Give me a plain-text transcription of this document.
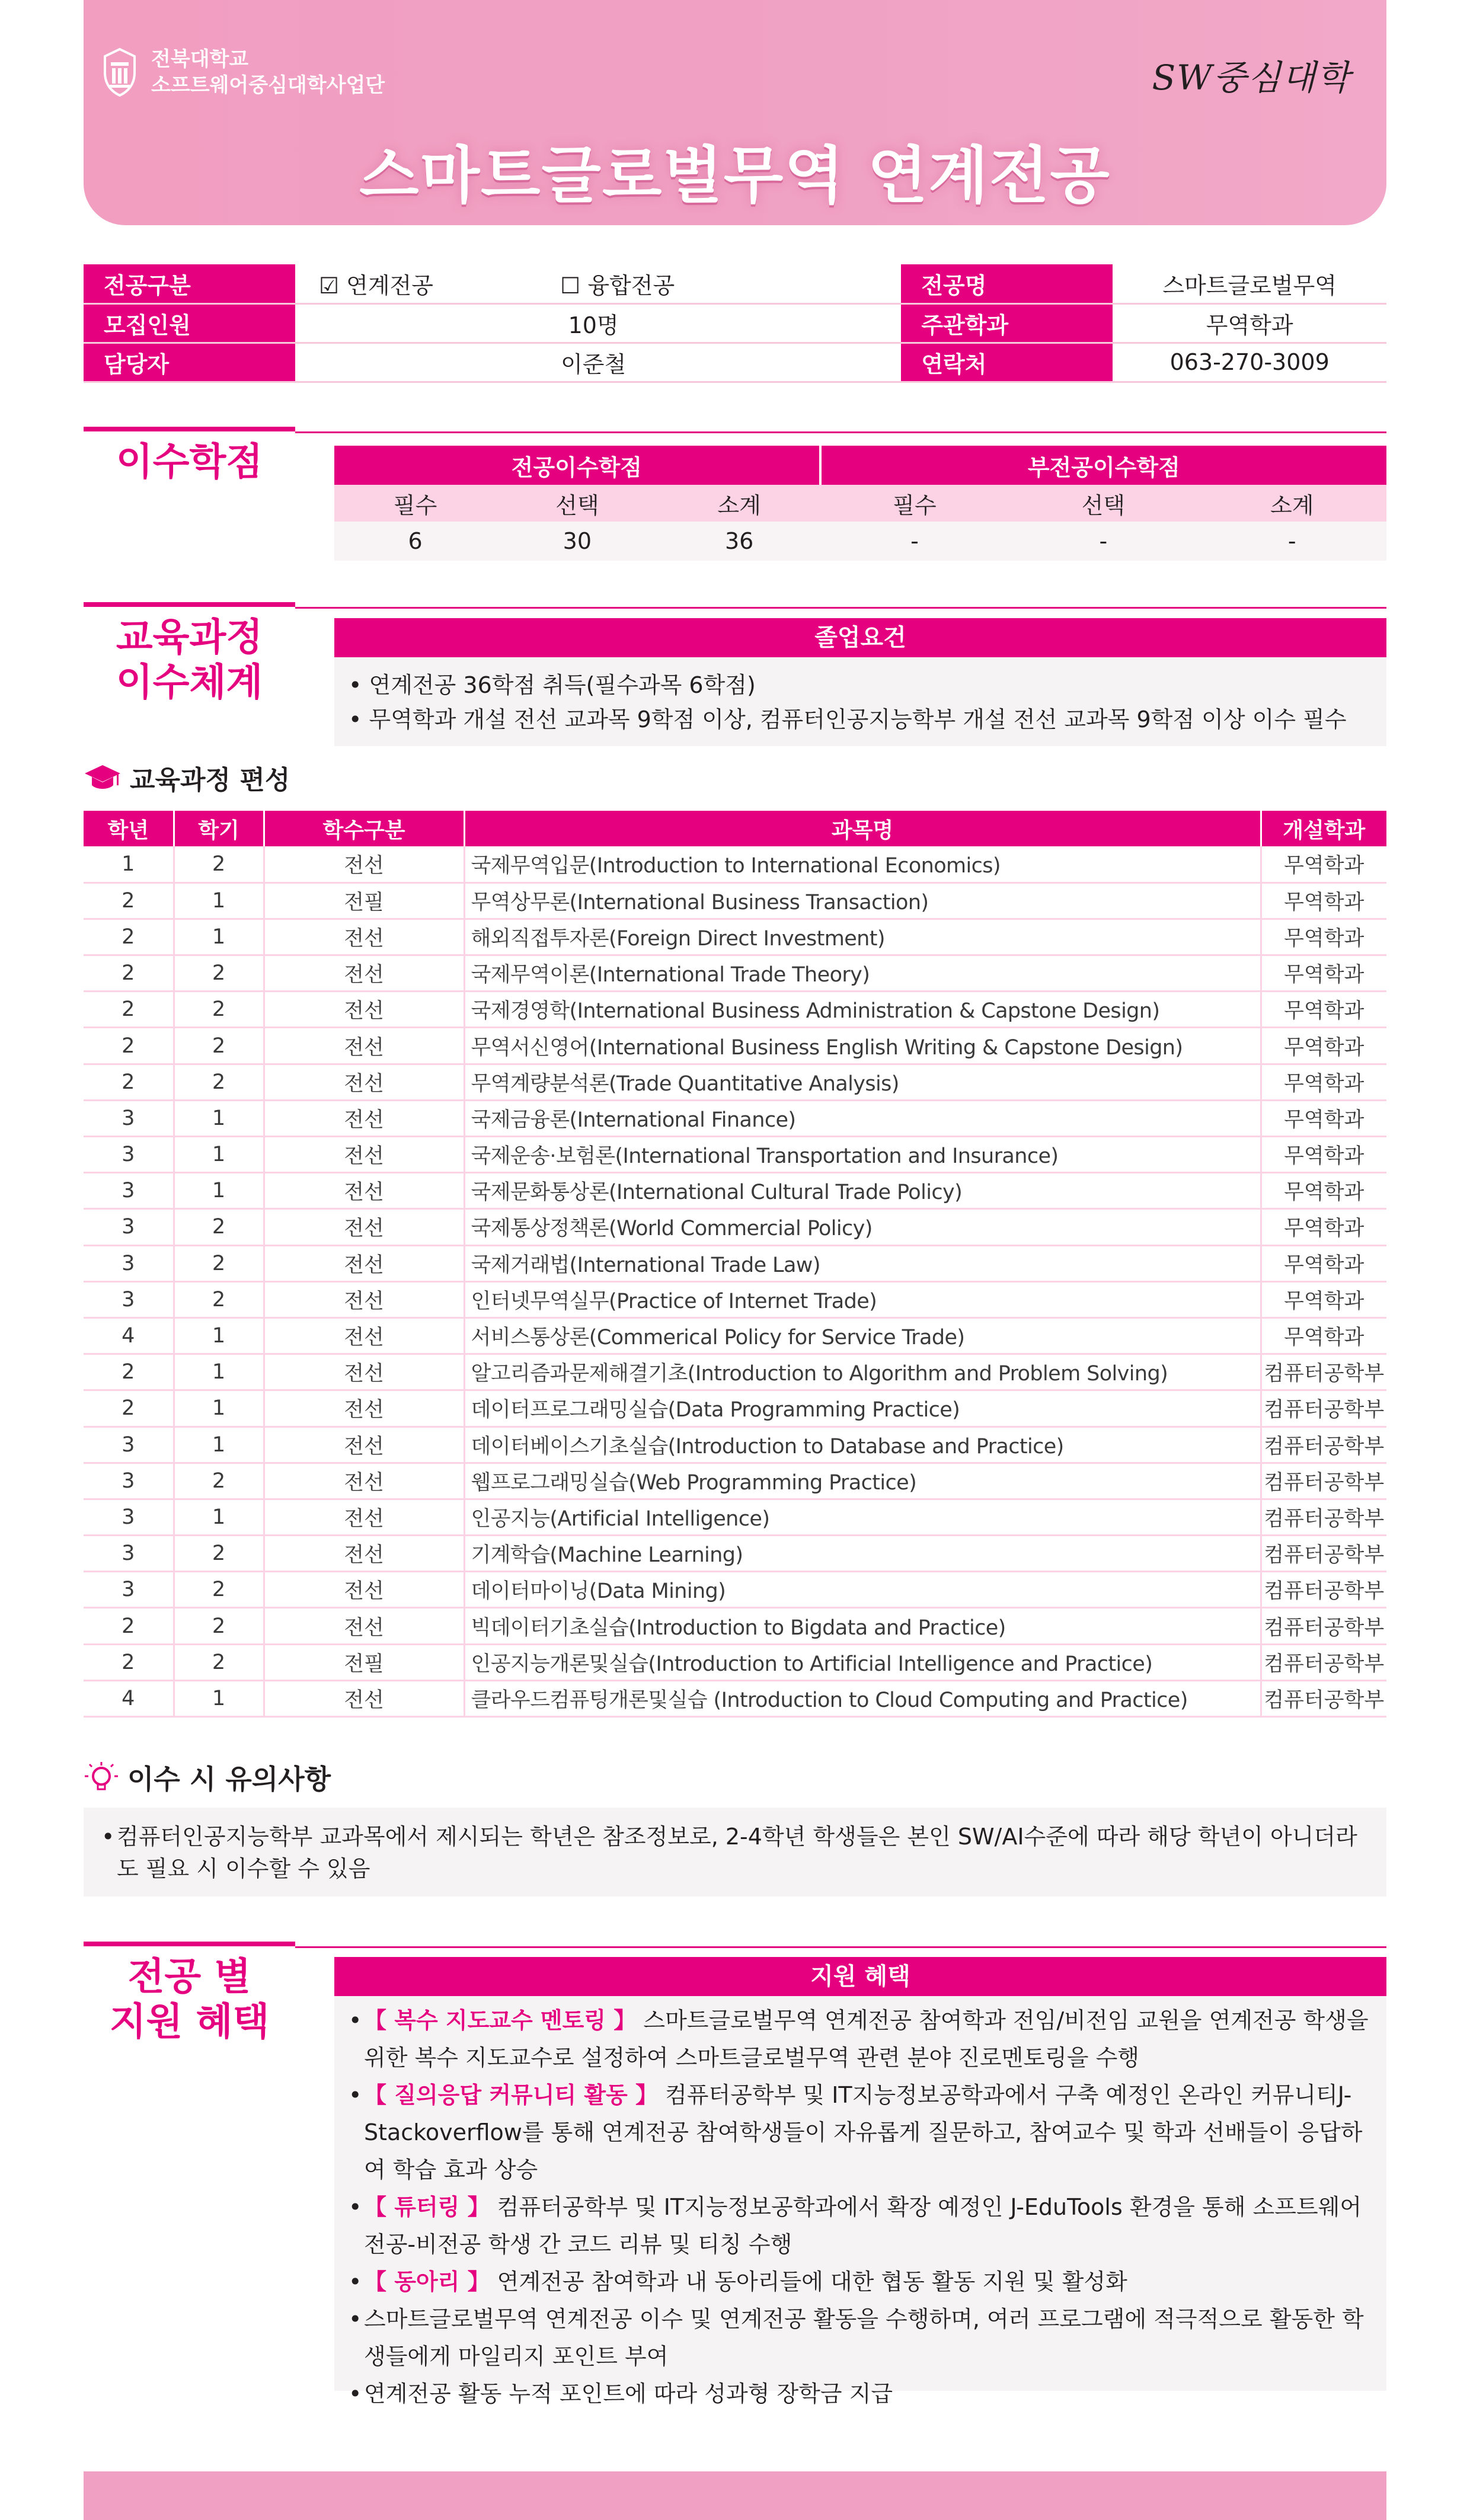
전북대학교
소프트웨어중심대학사업단	SW중심대학
스마트글로벌무역 연계전공
전공구분	☑ 연계전공 ☐ 융합전공		전공명	스마트글로벌무역
모집인원	10명		주관학과	무역학과
담당자	이준철		연락처	063-270-3009
이수학점	전공이수학점			부전공이수학점		
필수	선택	소계	필수	선택	소계
6	30	36	-	-	-
교육과정
이수체계
졸업요건
• 연계전공 36학점 취득(필수과목 6학점)
• 무역학과 개설 전선 교과목 9학점 이상, 컴퓨터인공지능학부 개설 전선 교과목 9학점 이상 이수 필수
교육과정 편성
학년	학기	학수구분	과목명	개설학과
1	2	전선	국제무역입문(Introduction to International Economics)	무역학과
2	1	전필	무역상무론(International Business Transaction)	무역학과
2	1	전선	해외직접투자론(Foreign Direct Investment)	무역학과
2	2	전선	국제무역이론(International Trade Theory)	무역학과
2	2	전선	국제경영학(International Business Administration & Capstone Design)	무역학과
2	2	전선	무역서신영어(International Business English Writing & Capstone Design)	무역학과
2	2	전선	무역계량분석론(Trade Quantitative Analysis)	무역학과
3	1	전선	국제금융론(International Finance)	무역학과
3	1	전선	국제운송·보험론(International Transportation and Insurance)	무역학과
3	1	전선	국제문화통상론(International Cultural Trade Policy)	무역학과
3	2	전선	국제통상정책론(World Commercial Policy)	무역학과
3	2	전선	국제거래법(International Trade Law)	무역학과
3	2	전선	인터넷무역실무(Practice of Internet Trade)	무역학과
4	1	전선	서비스통상론(Commerical Policy for Service Trade)	무역학과
2	1	전선	알고리즘과문제해결기초(Introduction to Algorithm and Problem Solving)	컴퓨터공학부
2	1	전선	데이터프로그래밍실습(Data Programming Practice)	컴퓨터공학부
3	1	전선	데이터베이스기초실습(Introduction to Database and Practice)	컴퓨터공학부
3	2	전선	웹프로그래밍실습(Web Programming Practice)	컴퓨터공학부
3	1	전선	인공지능(Artificial Intelligence)	컴퓨터공학부
3	2	전선	기계학습(Machine Learning)	컴퓨터공학부
3	2	전선	데이터마이닝(Data Mining)	컴퓨터공학부
2	2	전선	빅데이터기초실습(Introduction to Bigdata and Practice)	컴퓨터공학부
2	2	전필	인공지능개론및실습(Introduction to Artificial Intelligence and Practice)	컴퓨터공학부
4	1	전선	클라우드컴퓨팅개론및실습 (Introduction to Cloud Computing and Practice)	컴퓨터공학부
이수 시 유의사항
• 컴퓨터인공지능학부 교과목에서 제시되는 학년은 참조정보로, 2-4학년 학생들은 본인 SW/AI수준에 따라 해당 학년이 아니더라도 필요 시 이수할 수 있음
전공 별
지원 혜택
지원 혜택
• 【 복수 지도교수 멘토링 】 스마트글로벌무역 연계전공 참여학과 전임/비전임 교원을 연계전공 학생을 위한 복수 지도교수로 설정하여 스마트글로벌무역 관련 분야 진로멘토링을 수행
• 【 질의응답 커뮤니티 활동 】 컴퓨터공학부 및 IT지능정보공학과에서 구축 예정인 온라인 커뮤니티J-Stackoverflow를 통해 연계전공 참여학생들이 자유롭게 질문하고, 참여교수 및 학과 선배들이 응답하여 학습 효과 상승
• 【 튜터링 】 컴퓨터공학부 및 IT지능정보공학과에서 확장 예정인 J-EduTools 환경을 통해 소프트웨어 전공-비전공 학생 간 코드 리뷰 및 티칭 수행
• 【 동아리 】 연계전공 참여학과 내 동아리들에 대한 협동 활동 지원 및 활성화
• 스마트글로벌무역 연계전공 이수 및 연계전공 활동을 수행하며, 여러 프로그램에 적극적으로 활동한 학생들에게 마일리지 포인트 부여
• 연계전공 활동 누적 포인트에 따라 성과형 장학금 지급
